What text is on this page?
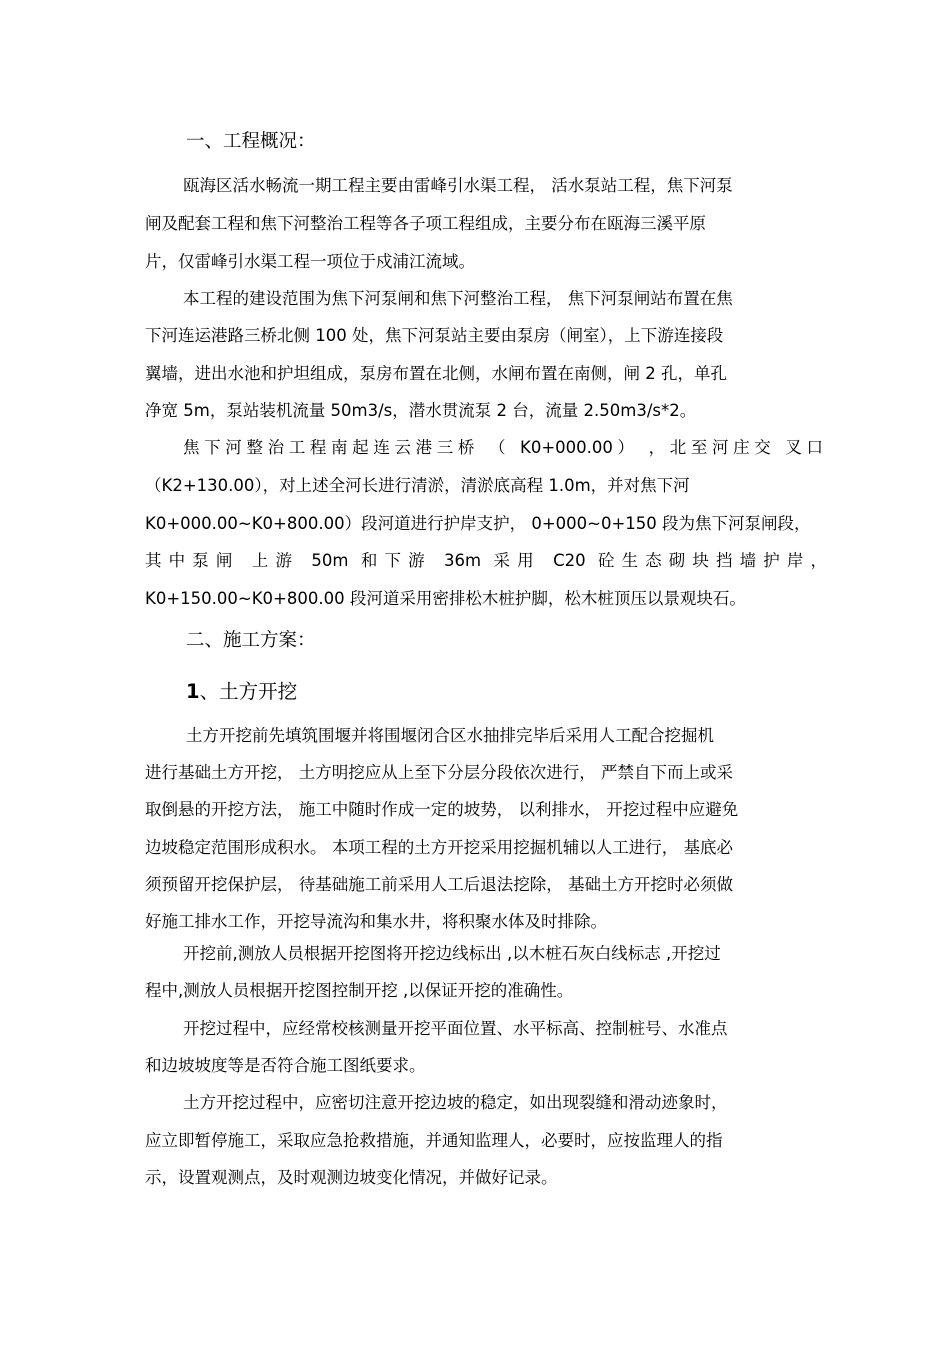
一、工程概况：
瓯海区活水畅流一期工程主要由雷峰引水渠工程， 活水泵站工程，焦下河泵
闸及配套工程和焦下河整治工程等各子项工程组成，主要分布在瓯海三溪平原
片，仅雷峰引水渠工程一项位于戍浦江流域。
本工程的建设范围为焦下河泵闸和焦下河整治工程， 焦下河泵闸站布置在焦
下河连运港路三桥北侧 100 处，焦下河泵站主要由泵房（闸室），上下游连接段
翼墙，进出水池和护坦组成，泵房布置在北侧，水闸布置在南侧，闸 2 孔，单孔
净宽 5m，泵站装机流量 50m3/s，潜水贯流泵 2 台，流量 2.50m3/s*2。
焦下河整治工程南起连云港三桥 （ K0+000.00） ，北至河庄交 叉口
（K2+130.00），对上述全河长进行清淤，清淤底高程 1.0m，并对焦下河
K0+000.00~K0+800.00）段河道进行护岸支护， 0+000~0+150 段为焦下河泵闸段，
其中泵闸 上游 50m 和下游 36m 采用 C20 砼生态砌块挡墙护岸，
K0+150.00~K0+800.00 段河道采用密排松木桩护脚，松木桩顶压以景观块石。
二、施工方案：
1、土方开挖
土方开挖前先填筑围堰并将围堰闭合区水抽排完毕后采用人工配合挖掘机
进行基础土方开挖， 土方明挖应从上至下分层分段依次进行， 严禁自下而上或采
取倒悬的开挖方法， 施工中随时作成一定的坡势， 以利排水， 开挖过程中应避免
边坡稳定范围形成积水。 本项工程的土方开挖采用挖掘机辅以人工进行， 基底必
须预留开挖保护层， 待基础施工前采用人工后退法挖除， 基础土方开挖时必须做
好施工排水工作，开挖导流沟和集水井，将积聚水体及时排除。
开挖前,测放人员根据开挖图将开挖边线标出 ,以木桩石灰白线标志 ,开挖过
程中,测放人员根据开挖图控制开挖 ,以保证开挖的准确性。
开挖过程中，应经常校核测量开挖平面位置、水平标高、控制桩号、水准点
和边坡坡度等是否符合施工图纸要求。
土方开挖过程中，应密切注意开挖边坡的稳定，如出现裂缝和滑动迹象时，
应立即暂停施工，采取应急抢救措施，并通知监理人，必要时，应按监理人的指
示，设置观测点，及时观测边坡变化情况，并做好记录。
